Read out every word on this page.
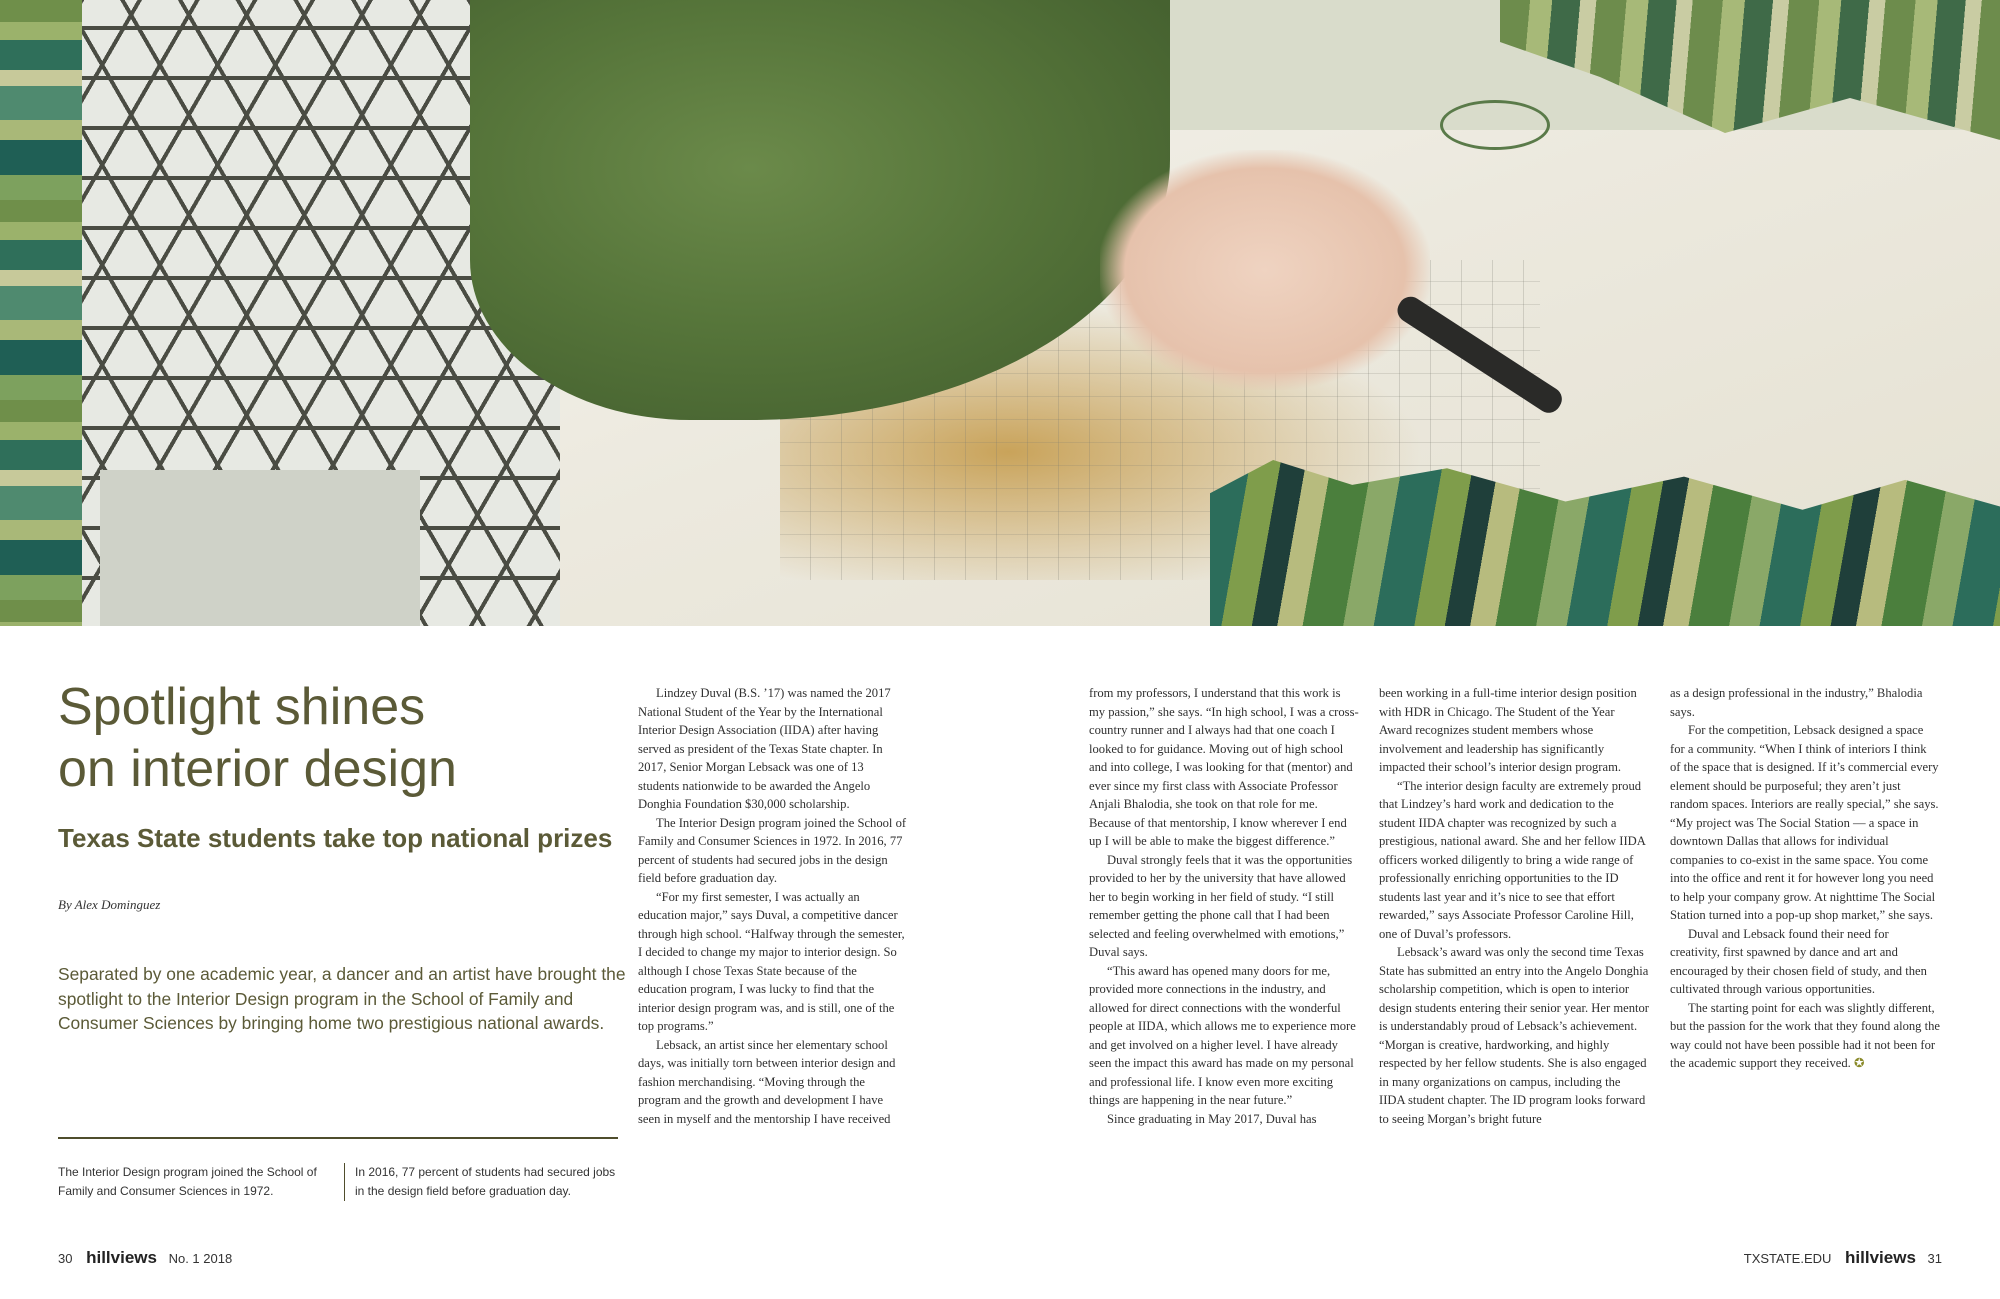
Spotlight shines
on interior design
Texas State students take top national prizes
By Alex Dominguez

Separated by one academic year, a dancer and an artist have brought the spotlight to the Interior Design program in the School of Family and Consumer Sciences by bringing home two prestigious national awards.

The Interior Design program joined the School of Family and Consumer Sciences in 1972.

In 2016, 77 percent of students had secured jobs in the design field before graduation day.

Lindzey Duval (B.S. ’17) was named the 2017 National Student of the Year by the International Interior Design Association (IIDA) after having served as president of the Texas State chapter. In 2017, Senior Morgan Lebsack was one of 13 students nationwide to be awarded the Angelo Donghia Foundation $30,000 scholarship.

The Interior Design program joined the School of Family and Consumer Sciences in 1972. In 2016, 77 percent of students had secured jobs in the design field before graduation day.

“For my first semester, I was actually an education major,” says Duval, a competitive dancer through high school. “Halfway through the semester, I decided to change my major to interior design. So although I chose Texas State because of the education program, I was lucky to find that the interior design program was, and is still, one of the top programs.”

Lebsack, an artist since her elementary school days, was initially torn between interior design and fashion merchandising. “Moving through the program and the growth and development I have seen in myself and the mentorship I have received

from my professors, I understand that this work is my passion,” she says. “In high school, I was a cross-country runner and I always had that one coach I looked to for guidance. Moving out of high school and into college, I was looking for that (mentor) and ever since my first class with Associate Professor Anjali Bhalodia, she took on that role for me. Because of that mentorship, I know wherever I end up I will be able to make the biggest difference.”

Duval strongly feels that it was the opportunities provided to her by the university that have allowed her to begin working in her field of study. “I still remember getting the phone call that I had been selected and feeling overwhelmed with emotions,” Duval says.

“This award has opened many doors for me, provided more connections in the industry, and allowed for direct connections with the wonderful people at IIDA, which allows me to experience more and get involved on a higher level. I have already seen the impact this award has made on my personal and professional life. I know even more exciting things are happening in the near future.”

Since graduating in May 2017, Duval has

been working in a full-time interior design position with HDR in Chicago. The Student of the Year Award recognizes student members whose involvement and leadership has significantly impacted their school’s interior design program.

“The interior design faculty are extremely proud that Lindzey’s hard work and dedication to the student IIDA chapter was recognized by such a prestigious, national award. She and her fellow IIDA officers worked diligently to bring a wide range of professionally enriching opportunities to the ID students last year and it’s nice to see that effort rewarded,” says Associate Professor Caroline Hill, one of Duval’s professors.

Lebsack’s award was only the second time Texas State has submitted an entry into the Angelo Donghia scholarship competition, which is open to interior design students entering their senior year. Her mentor is understandably proud of Lebsack’s achievement. “Morgan is creative, hardworking, and highly respected by her fellow students. She is also engaged in many organizations on campus, including the IIDA student chapter. The ID program looks forward to seeing Morgan’s bright future

as a design professional in the industry,” Bhalodia says.

For the competition, Lebsack designed a space for a community. “When I think of interiors I think of the space that is designed. If it’s commercial every element should be purposeful; they aren’t just random spaces. Interiors are really special,” she says. “My project was The Social Station — a space in downtown Dallas that allows for individual companies to co-exist in the same space. You come into the office and rent it for however long you need to help your company grow. At nighttime The Social Station turned into a pop-up shop market,” she says.

Duval and Lebsack found their need for creativity, first spawned by dance and art and encouraged by their chosen field of study, and then cultivated through various opportunities.

The starting point for each was slightly different, but the passion for the work that they found along the way could not have been possible had it not been for the academic support they received. ✪

30 hillviews No. 1 2018	TXSTATE.EDU hillviews 31
